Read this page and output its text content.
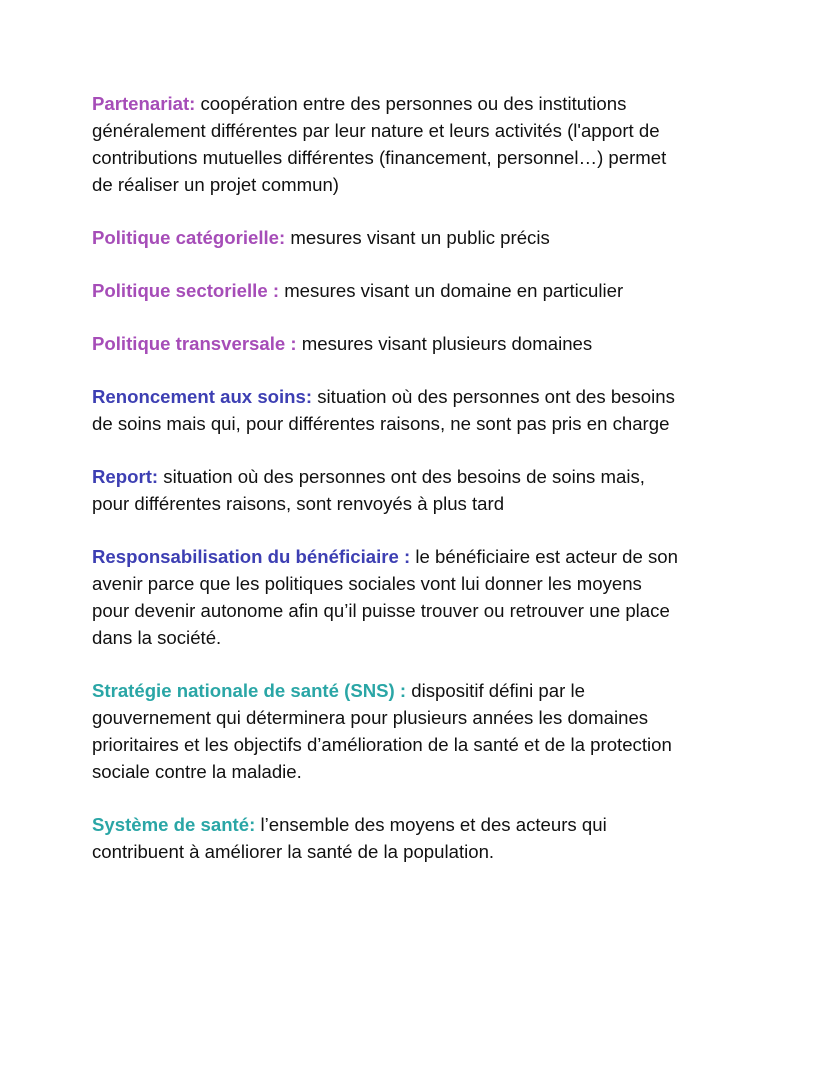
Partenariat: coopération entre des personnes ou des institutions généralement différentes par leur nature et leurs activités (l'apport de contributions mutuelles différentes (financement, personnel…) permet de réaliser un projet commun)

Politique catégorielle: mesures visant un public précis

Politique sectorielle : mesures visant un domaine en particulier

Politique transversale : mesures visant plusieurs domaines

Renoncement aux soins: situation où des personnes ont des besoins de soins mais qui, pour différentes raisons, ne sont pas pris en charge

Report: situation où des personnes ont des besoins de soins mais, pour différentes raisons, sont renvoyés à plus tard

Responsabilisation du bénéficiaire : le bénéficiaire est acteur de son avenir parce que les politiques sociales vont lui donner les moyens pour devenir autonome afin qu’il puisse trouver ou retrouver une place dans la société.

Stratégie nationale de santé (SNS) : dispositif défini par le gouvernement qui déterminera pour plusieurs années les domaines prioritaires et les objectifs d’amélioration de la santé et de la protection sociale contre la maladie.

Système de santé: l’ensemble des moyens et des acteurs qui contribuent à améliorer la santé de la population.
